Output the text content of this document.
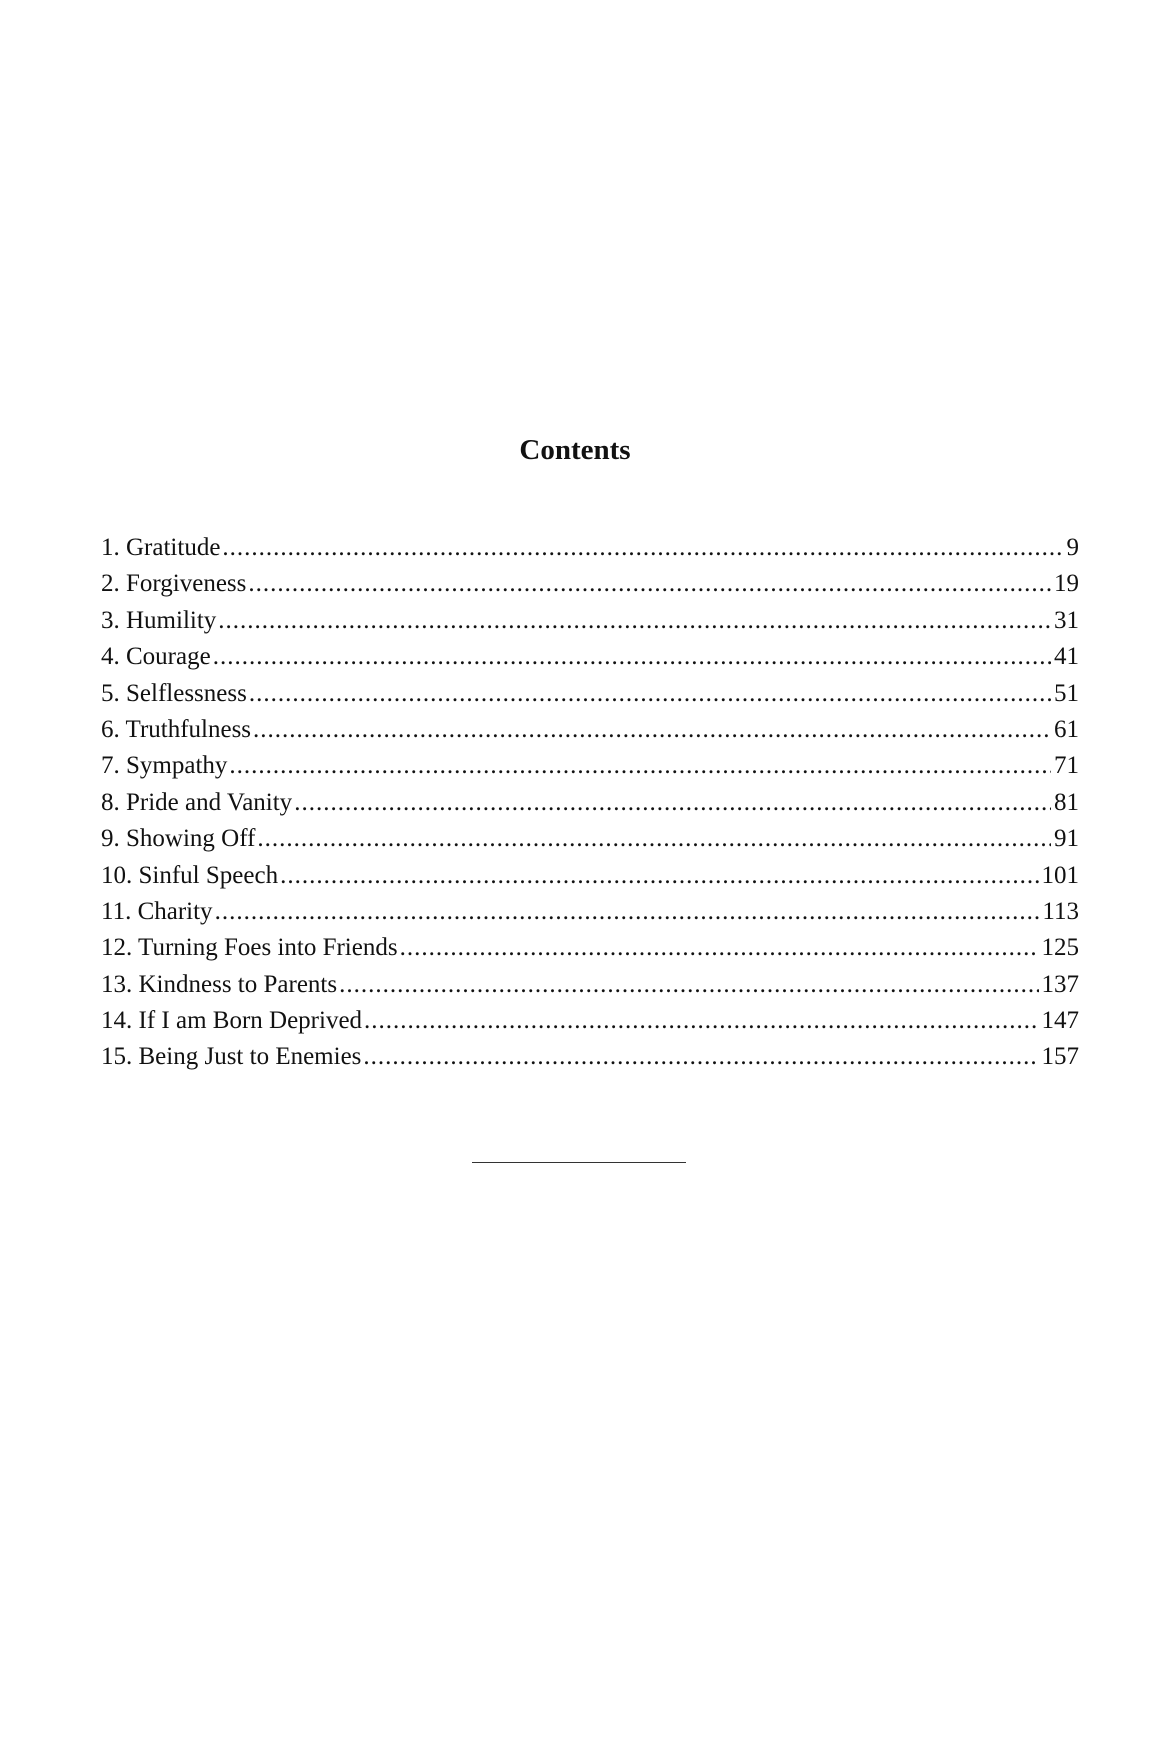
Contents
1. Gratitude .....	9
2. Forgiveness .....	19
3. Humility .....	31
4. Courage .....	41
5. Selflessness .....	51
6. Truthfulness .....	61
7. Sympathy .....	71
8. Pride and Vanity .....	81
9. Showing Off .....	91
10. Sinful Speech .....	101
11. Charity .....	113
12. Turning Foes into Friends .....	125
13. Kindness to Parents .....	137
14. If I am Born Deprived .....	147
15. Being Just to Enemies .....	157
